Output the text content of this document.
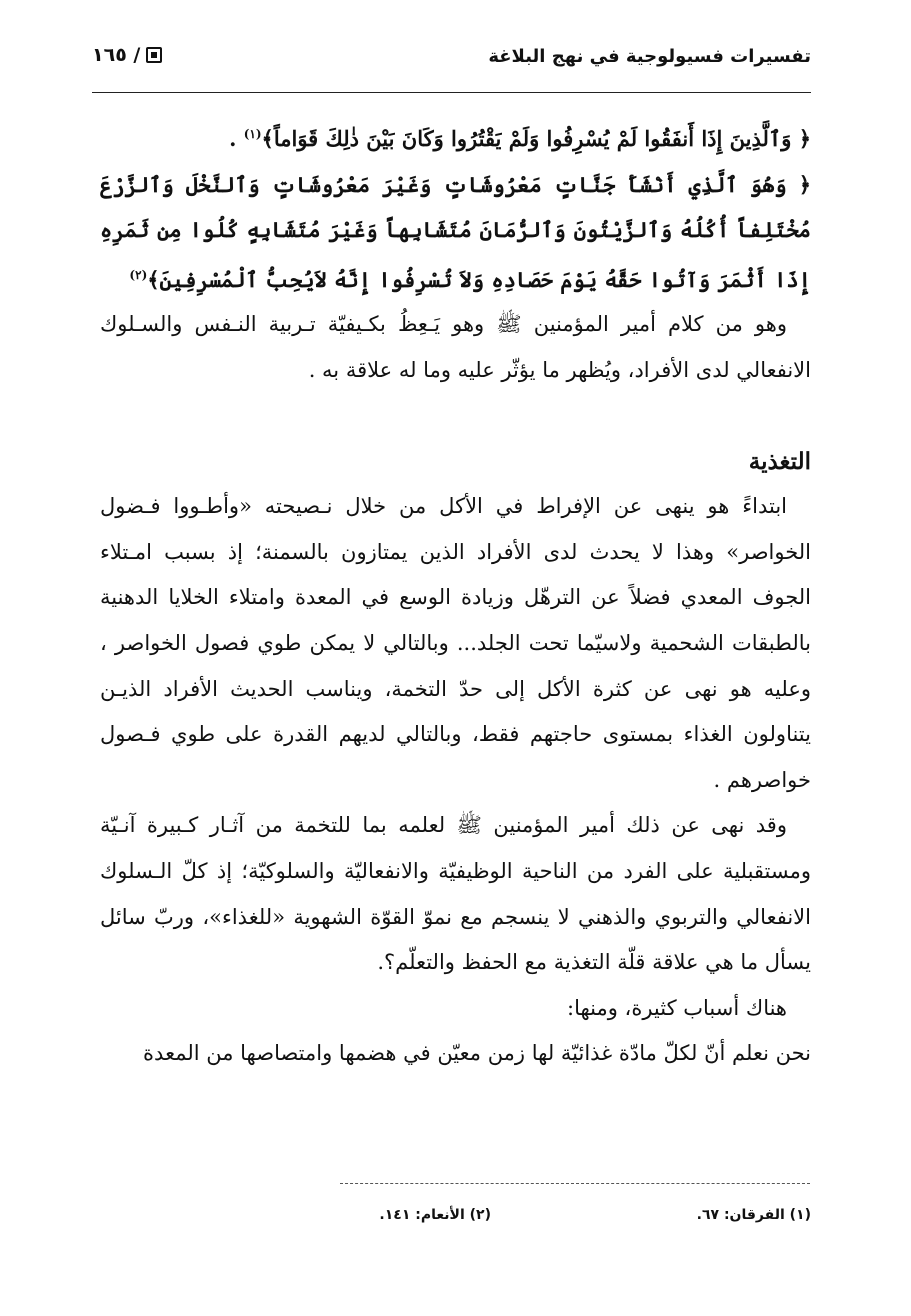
تفسيرات فسيولوجية في نهج البلاغة
١٦٥ /

﴿ وَٱلَّذِينَ إِذَا أَنفَقُوا لَمْ يُسْرِفُوا وَلَمْ يَقْتُرُوا وَكَانَ بَيْنَ ذٰلِكَ قَوَاماً﴾$^{(١)}$ .

﴿ وَهُوَ ٱلَّذِي أَنْشَأَ جَنَّاتٍ مَعْرُوشَاتٍ وَغَيْرَ مَعْرُوشَاتٍ وَٱلنَّخْلَ وَٱلزَّرْعَ مُخْتَلِفاً أُكُلُهُ وَٱلزَّيْتُونَ وَٱلرُّمَانَ مُتَشَابِهاً وَغَيْرَ مُتَشَابِهٍ كُلُوا مِن ثَمَرِهِ إِذَا أَثْمَرَ وَآتُوا حَقَّهُ يَوْمَ حَصَادِهِ وَلاَ تُسْرِفُوا إِنَّهُ لاَيُحِبُّ ٱلْمُسْرِفِينَ﴾$^{(٢)}$

وهو من كلام أمير المؤمنين ﷺ وهو يَـعِظُ بكـيفيّة تـربية النـفس والسـلوك الانفعالي لدى الأفراد، ويُظهر ما يؤثّر عليه وما له علاقة به .

التغذية

ابتداءً هو ينهى عن الإفراط في الأكل من خلال نـصيحته «وأطـووا فـضول الخواصر» وهذا لا يحدث لدى الأفراد الذين يمتازون بالسمنة؛ إذ بسبب امـتلاء الجوف المعدي فضلاً عن الترهّل وزيادة الوسع في المعدة وامتلاء الخلايا الدهنية بالطبقات الشحمية ولاسيّما تحت الجلد... وبالتالي لا يمكن طوي فصول الخواصر ، وعليه هو نهى عن كثرة الأكل إلى حدّ التخمة، ويناسب الحديث الأفراد الذيـن يتناولون الغذاء بمستوى حاجتهم فقط، وبالتالي لديهم القدرة على طوي فـصول خواصرهم .

وقد نهى عن ذلك أمير المؤمنين ﷺ لعلمه بما للتخمة من آثـار كـبيرة آنـيّة ومستقبلية على الفرد من الناحية الوظيفيّة والانفعاليّة والسلوكيّة؛ إذ كلّ الـسلوك الانفعالي والتربوي والذهني لا ينسجم مع نموّ القوّة الشهوية «للغذاء»، وربّ سائل يسأل ما هي علاقة قلّة التغذية مع الحفظ والتعلّم؟.

هناك أسباب كثيرة، ومنها:

نحن نعلم أنّ لكلّ مادّة غذائيّة لها زمن معيّن في هضمها وامتصاصها من المعدة

(١) الفرقان: ٦٧.
(٢) الأنعام: ١٤١.
